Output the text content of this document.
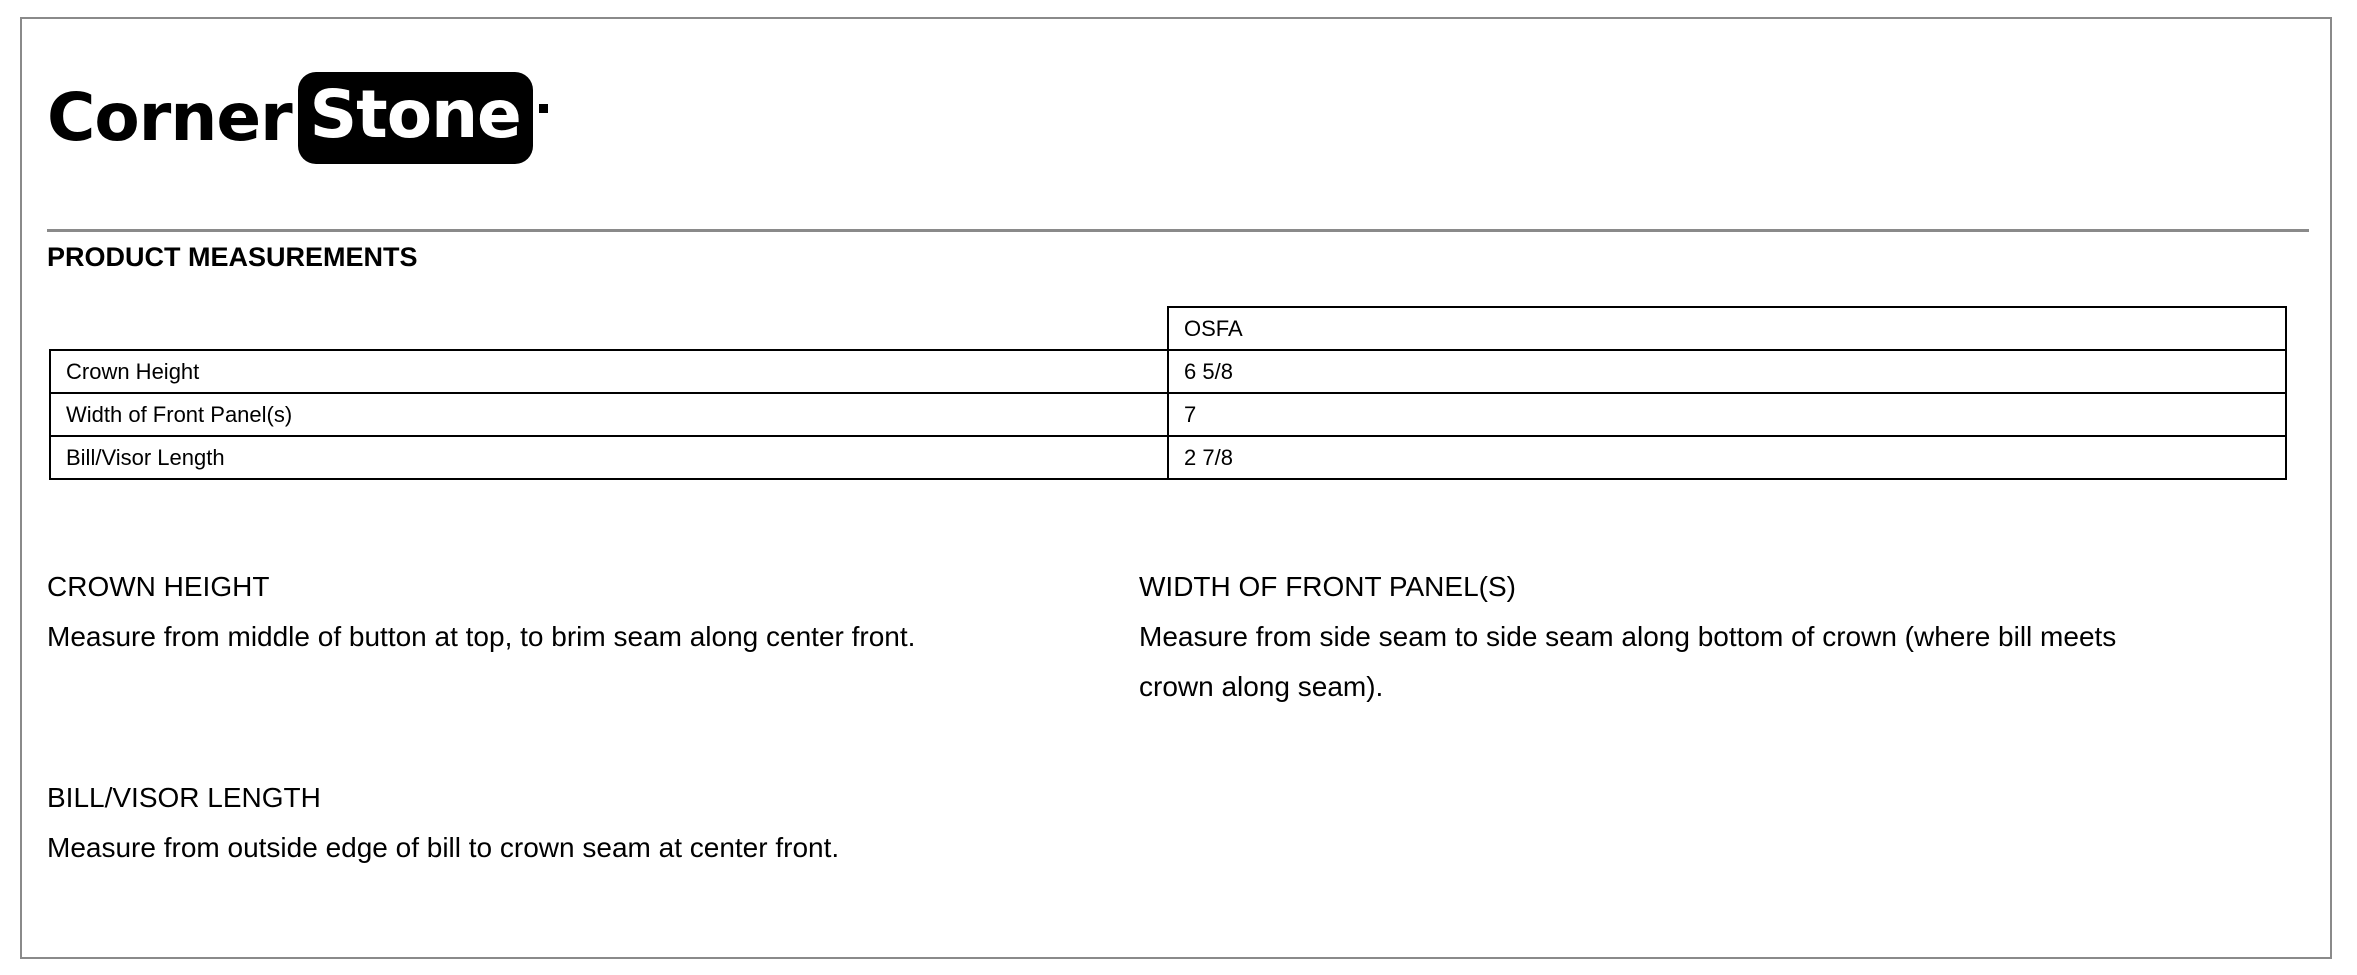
Corner Stone
PRODUCT MEASUREMENTS
	OSFA
Crown Height	6 5/8
Width of Front Panel(s)	7
Bill/Visor Length	2 7/8
CROWN HEIGHT
Measure from middle of button at top, to brim seam along center front.
WIDTH OF FRONT PANEL(S)
Measure from side seam to side seam along bottom of crown (where bill meets crown along seam).
BILL/VISOR LENGTH
Measure from outside edge of bill to crown seam at center front.
